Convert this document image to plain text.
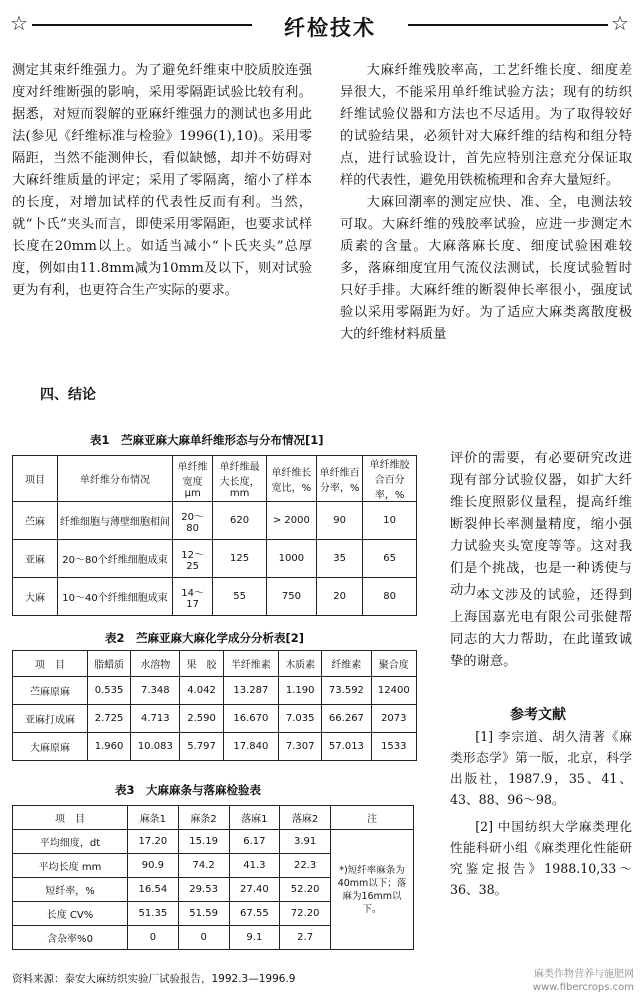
☆	纤检技术	☆

测定其束纤维强力。为了避免纤维束中胶质胶连强度对纤维断强的影响，采用零隔距试验比较有利。据悉，对短而裂解的亚麻纤维强力的测试也多用此法(参见《纤维标准与检验》1996(1),10)。采用零隔距，当然不能测伸长，看似缺憾，却并不妨碍对大麻纤维质量的评定；采用了零隔离，缩小了样本的长度，对增加试样的代表性反而有利。当然，就“卜氏”夹头而言，即使采用零隔距，也要求试样长度在20mm以上。如适当减小“卜氏夹头”总厚度，例如由11.8mm减为10mm及以下，则对试验更为有利，也更符合生产实际的要求。

四、结论

大麻纤维残胶率高，工艺纤维长度、细度差异很大，不能采用单纤维试验方法；现有的纺织纤维试验仪器和方法也不尽适用。为了取得较好的试验结果，必须针对大麻纤维的结构和组分特点，进行试验设计，首先应特别注意充分保证取样的代表性，避免用铁梳梳理和舍弃大量短纤。

大麻回潮率的测定应快、准、全，电测法较可取。大麻纤维的残胶率试验，应进一步测定木质素的含量。大麻落麻长度、细度试验困难较多，落麻细度宜用气流仪法测试，长度试验暂时只好手排。大麻纤维的断裂伸长率很小，强度试验以采用零隔距为好。为了适应大麻类离散度极大的纤维材料质量

评价的需要，有必要研究改进现有部分试验仪器，如扩大纤维长度照影仪量程，提高纤维断裂伸长率测量精度，缩小强力试验夹头宽度等等。这对我们是个挑战，也是一种诱使与动力。
本文涉及的试验，还得到上海国嘉光电有限公司张健帮同志的大力帮助，在此谨致诚挚的谢意。
参考文献
[1] 李宗道、胡久清著《麻类形态学》第一版，北京，科学出版社，1987.9，35、41、43、88、96～98。
[2] 中国纺织大学麻类理化性能科研小组《麻类理化性能研究鉴定报告》1988.10,33～36、38。
表1　苎麻亚麻大麻单纤维形态与分布情况[1]
项目	单纤维分布情况	单纤维宽度 μm	单纤维最大长度，mm	单纤维长宽比，%	单纤维百分率，%	单纤维胶合百分率，%
苎麻	纤维细胞与薄壁细胞相间	20～80	620	> 2000	90	10
亚麻	20～80个纤维细胞成束	12～25	125	1000	35	65
大麻	10～40个纤维细胞成束	14～17	55	750	20	80
表2　苎麻亚麻大麻化学成分分析表[2]
项　目	脂蜡质	水溶物	果　胶	半纤维素	木质素	纤维素	聚合度
苎麻原麻	0.535	7.348	4.042	13.287	1.190	73.592	12400
亚麻打成麻	2.725	4.713	2.590	16.670	7.035	66.267	2073
大麻原麻	1.960	10.083	5.797	17.840	7.307	57.013	1533
表3　大麻麻条与落麻检验表
项　目	麻条1	麻条2	落麻1	落麻2	注
平均细度，dt	17.20	15.19	6.17	3.91	*)短纤率麻条为40mm以下；落麻为16mm以下。
平均长度 mm	90.9	74.2	41.3	22.3	
短纤率，%	16.54	29.53	27.40	52.20	
长度 CV%	51.35	51.59	67.55	72.20	
含杂率%0	0	0	9.1	2.7	
资料来源：泰安大麻纺织实验厂试验报告，1992.3—1996.9	麻类作物营养与施肥网
www.fibercrops.com
